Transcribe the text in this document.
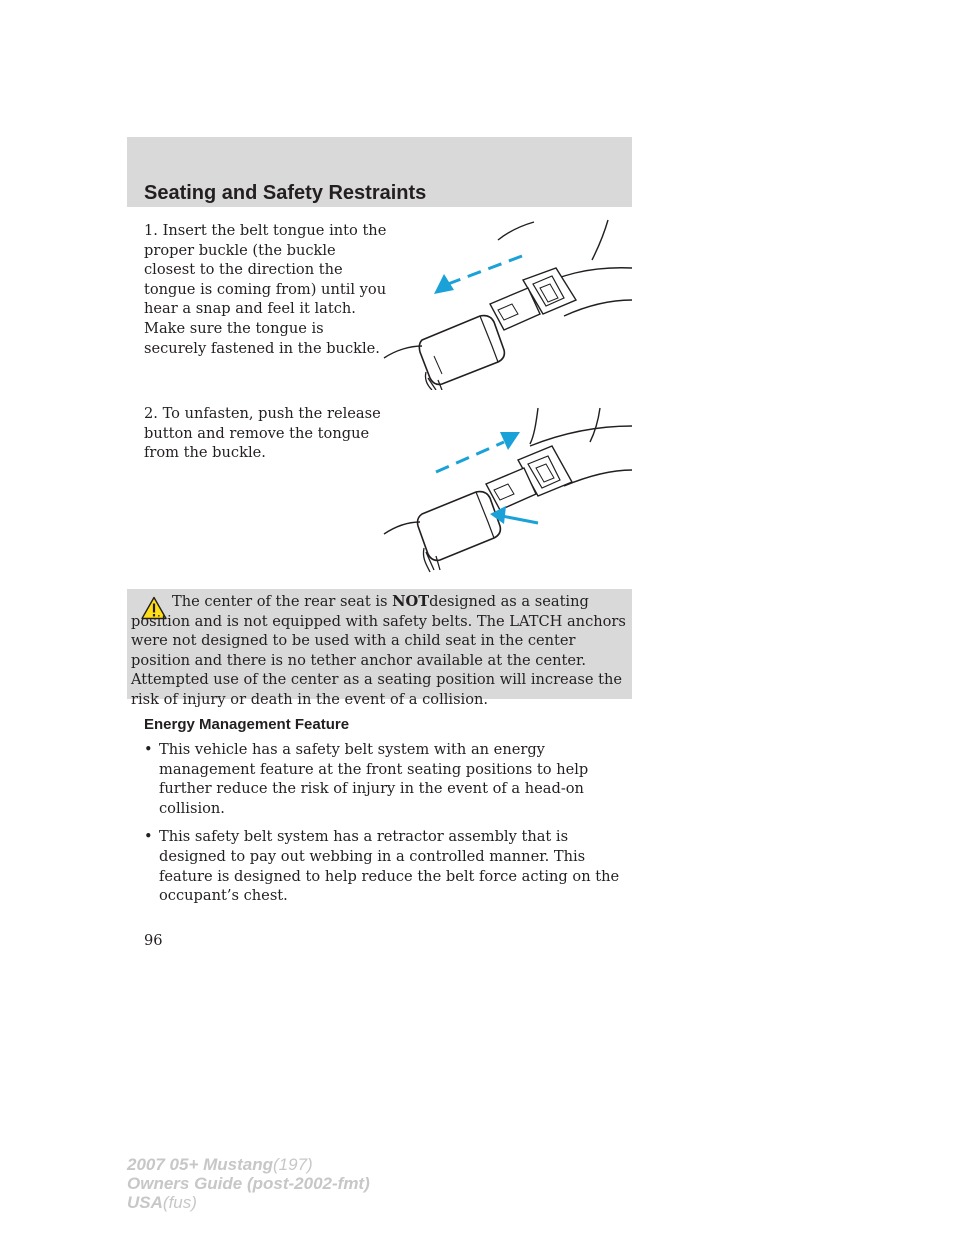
Seating and Safety Restraints

1. Insert the belt tongue into the proper buckle (the buckle closest to the direction the tongue is coming from) until you hear a snap and feel it latch. Make sure the tongue is securely fastened in the buckle.

2. To unfasten, push the release button and remove the tongue from the buckle.

The center of the rear seat is NOTdesigned as a seating position and is not equipped with safety belts. The LATCH anchors were not designed to be used with a child seat in the center position and there is no tether anchor available at the center. Attempted use of the center as a seating position will increase the risk of injury or death in the event of a collision.

Energy Management Feature
• This vehicle has a safety belt system with an energy management feature at the front seating positions to help further reduce the risk of injury in the event of a head-on collision.
• This safety belt system has a retractor assembly that is designed to pay out webbing in a controlled manner. This feature is designed to help reduce the belt force acting on the occupant’s chest.

96

2007 05+ Mustang(197)
Owners Guide (post-2002-fmt)
USA(fus)
